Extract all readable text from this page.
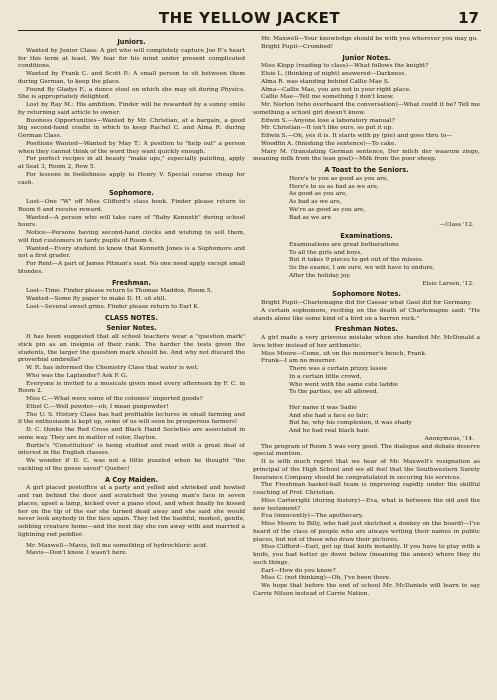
THE YELLOW JACKET	17
Juniors.

Wanted by Junior Class: A girl who will completely capture Joe P.'s heart for this term at least. We fear for his mind under present complicated conditions.

Wanted by Frank C. and Scott P.: A small person to sit between them during German, to keep the place.

Found By Gladys F., a dunce stool on which she may sit during Physics. She is appropriately delighted.

Lost by Ray M.: His ambition. Finder will be rewarded by a sunny smile by returning said article to owner.

Business Opportunities—Wanted by Mr. Christian, at a bargain, a good big second-hand cradle in which to keep Rachel C. and Alma R. during German Class.

Positions Wanted—Wanted by May T.: A position to "help out" a person when they cannot think of the word they want quickly enough.

For perfect recipes in all beauty "make ups," especially painting, apply at Seat 3, Room 2, Row 5.

For lessons in foolishness apply to Henry V. Special course cheap for cash.

Sophomore.

Lost—One "W" off Miss Clifford's class book. Finder please return to Room 6 and receive reward.

Wanted—A person who will take care of "Baby Kenneth" during school hours.

Notice—Persons having second-hand clocks and wishing to sell them, will find customers in tardy pupils of Room 4.

Wanted—Every student to know that Kenneth Jones is a Sophomore and not a first grader.

For Rent—A part of James Pitman's seat. No one need apply except small blondes.

Freshman.

Lost—Time. Finder please return to Thomas Maddox, Room 5.

Wanted—Some fly paper to make D. H. sit still.

Lost—Several sweet grins. Finder please return to Earl K.

CLASS NOTES.
Senior Notes.

It has been suggested that all school teachers wear a "question mark" stick pin as an insignia of their rank. The harder the tests given the students, the larger the question mark should be. And why not discard the proverbial umbrella?

W. R. has informed the Chemistry Class that water is wet.

Who was the Laplander? Ask P. G.

Everyone is invited to a musicale given most every afternoon by F. C. in Room 2.

Miss C.—What were some of the colonies' imported goods?

Ethel C.—Well powder—oh, I mean gunpowder!

The U. S. History Class has had profitable lectures in small farming and if the enthusiasm is kept up, some of us will soon be prosperous farmers!

D. C. thinks the Red Cross and Black Hand Societies are associated in some way. They are in matter of color, Dayton.

Burtie's "Constitution" is being studied and read with a great deal of interest in the English classes.

We wonder if D. C. was not a little puzzled when he thought "the cackling of the geese saved" Quebec!

A Coy Maiden.

A girl placed postoffice at a party and yelled and shrieked and howled and ran behind the door and scratched the young man's face in seven places, upset a lamp, kicked over a piano stool, and when finally he kissed her on the tip of the ear she turned dead away and she said she would never look anybody in the face again. They led the bashful, modest, gentle, sobbing creature home—and the next day she ran away with and married a lightning rod peddler.

Mr. Maxwell—Mavis, tell me something of hydrochloric acid.

Mavis—Don't know. I wasn't here.

Mr. Maxwell—Your knowledge should be with you wherever you may go.

Bright Pupil—Crumbed!

Junior Notes.

Miss Klopp (reading to class)—What follows the knight?

Elsie L. (thinking of night) answered—Darkness.

Alma R. was standing behind Callie Mae S.

Alma—Callie Mae, you are not in your right place.

Callie Mae—Tell me something I don't know.

Mr. Norton (who overheard the conversation)—What could it be? Tell me something a school girl doesn't know.

Edwin S.—Anyone lose a laboratory manual?

Mr. Christian—It isn't like ours, so put it up.

Edwin S.—Oh, yes it is. It starts with py (pie) and goes thru to—

Woodfin A. (finishing the sentence)—To cake.

Mary M. (translating German sentence, Der milch der waarum ziege, meaning milk from the lean goat)—Milk from the poor sheep.

A Toast to the Seniors.

Here's to you as good as you are,

Here's to us as bad as we are,

As good as you are,

As bad as we are,

We're as good as you are,

Bad as we are

—Class '12.

Examinations.

Examinations are great botherations

To all the girls and boys,

But it takes 9 pieces to get out of the misses.

So the exams, I am sure, we will have to endure,

After the holiday joy.

Elsie Larsen, '12.

Sophomore Notes.

Bright Pupil—Charlemagne did for Caesar what Gaul did for Germany.

A certain sophomore, reciting on the death of Charlemagne said: "He stands alone like some kind of a bird on a barren rock."

Freshman Notes.

A girl made a very grievous mistake when she handed Mr. McDonald a love letter instead of her arithmetic.

Miss Moore—Come, sit on the mourner's bench, Frank.

Frank—I am no mourner.

There was a certain prizzy lassie

In a certain little crowd,

Who went with the same cute laddie

To the parties, we all allowed.

Her name it was Sadie

And she had a face so fair;

But he, why his complexion, it was shady

And he had real black hair.

Anonymous, '14.

The program of Room 5 was very good. The dialogue and debate deserve special mention.

It is with much regret that we hear of Mr. Maxwell's resignation as principal of the High School and we all feel that the Southwestern Surety Insurance Company should be congratulated in securing his services.

The Freshman basket-ball team is improving rapidly under the skillful coaching of Prof. Christian.

Miss Cartwright (during history)—Eva, what is between the old and the new testament?

Eva (innocently)—The apothecary.

Miss Moore to Billy, who had just sketched a donkey on the board)—I've heard of the class of people who are always writing their names in public places, but not of those who draw their pictures.

Miss Clifford—Earl, get up that knife instantly. If you have to play with a knife, you had better go down below (meaning the annex) where they do such things.

Earl—How do you know?

Miss C. (not thinking)—Oh, I've been there.

We hope that before the end of school Mr. McDaniels will learn to say Carrie Nilson instead of Carrie Nation.
